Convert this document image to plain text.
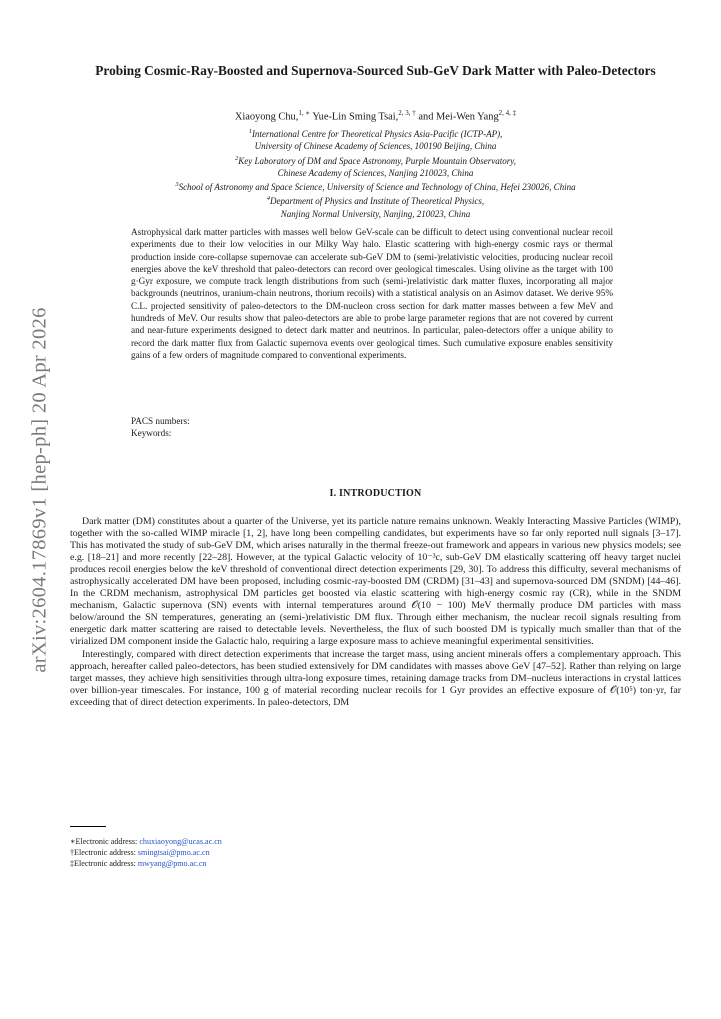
arXiv:2604.17869v1 [hep-ph] 20 Apr 2026
Probing Cosmic-Ray-Boosted and Supernova-Sourced Sub-GeV Dark Matter with Paleo-Detectors
Xiaoyong Chu,$^{1, ∗}$ Yue-Lin Sming Tsai,$^{2, 3, \dagger}$ and Mei-Wen Yang$^{2, 4, \ddagger}$
$^1$International Centre for Theoretical Physics Asia-Pacific (ICTP-AP),
University of Chinese Academy of Sciences, 100190 Beijing, China
$^2$Key Laboratory of DM and Space Astronomy, Purple Mountain Observatory,
Chinese Academy of Sciences, Nanjing 210023, China
$^3$School of Astronomy and Space Science, University of Science and Technology of China, Hefei 230026, China
$^4$Department of Physics and Institute of Theoretical Physics,
Nanjing Normal University, Nanjing, 210023, China
Astrophysical dark matter particles with masses well below GeV-scale can be difficult to detect using conventional nuclear recoil experiments due to their low velocities in our Milky Way halo. Elastic scattering with high-energy cosmic rays or thermal production inside core-collapse supernovae can accelerate sub-GeV DM to (semi-)relativistic velocities, producing nuclear recoil energies above the keV threshold that paleo-detectors can record over geological timescales. Using olivine as the target with 100 g·Gyr exposure, we compute track length distributions from such (semi-)relativistic dark matter fluxes, incorporating all major backgrounds (neutrinos, uranium-chain neutrons, thorium recoils) with a statistical analysis on an Asimov dataset. We derive 95% C.L. projected sensitivity of paleo-detectors to the DM-nucleon cross section for dark matter masses between a few MeV and hundreds of MeV. Our results show that paleo-detectors are able to probe large parameter regions that are not covered by current and near-future experiments designed to detect dark matter and neutrinos. In particular, paleo-detectors offer a unique ability to record the dark matter flux from Galactic supernova events over geological times. Such cumulative exposure enables sensitivity gains of a few orders of magnitude compared to conventional experiments.
PACS numbers:
Keywords:
I. INTRODUCTION

Dark matter (DM) constitutes about a quarter of the Universe, yet its particle nature remains unknown. Weakly Interacting Massive Particles (WIMP), together with the so-called WIMP miracle [1, 2], have long been compelling candidates, but experiments have so far only reported null signals [3–17]. This has motivated the study of sub-GeV DM, which arises naturally in the thermal freeze-out framework and appears in various new physics models; see e.g. [18–21] and more recently [22–28]. However, at the typical Galactic velocity of 10⁻³c, sub-GeV DM elastically scattering off heavy target nuclei produces recoil energies below the keV threshold of conventional direct detection experiments [29, 30]. To address this difficulty, several mechanisms of astrophysically accelerated DM have been proposed, including cosmic-ray-boosted DM (CRDM) [31–43] and supernova-sourced DM (SNDM) [44–46]. In the CRDM mechanism, astrophysical DM particles get boosted via elastic scattering with high-energy cosmic ray (CR), while in the SNDM mechanism, Galactic supernova (SN) events with internal temperatures around 𝒪(10 − 100) MeV thermally produce DM particles with mass below/around the SN temperatures, generating an (semi-)relativistic DM flux. Through either mechanism, the nuclear recoil signals resulting from energetic dark matter scattering are raised to detectable levels. Nevertheless, the flux of such boosted DM is typically much smaller than that of the virialized DM component inside the Galactic halo, requiring a large exposure mass to achieve meaningful experimental sensitivities.

Interestingly, compared with direct detection experiments that increase the target mass, using ancient minerals offers a complementary approach. This approach, hereafter called paleo-detectors, has been studied extensively for DM candidates with masses above GeV [47–52]. Rather than relying on large target masses, they achieve high sensitivities through ultra-long exposure times, retaining damage tracks from DM–nucleus interactions in crystal lattices over billion-year timescales. For instance, 100 g of material recording nuclear recoils for 1 Gyr provides an effective exposure of 𝒪(10⁵) ton·yr, far exceeding that of direct detection experiments. In paleo-detectors, DM

∗Electronic address: chuxiaoyong@ucas.ac.cn
†Electronic address: smingtsai@pmo.ac.cn
‡Electronic address: mwyang@pmo.ac.cn
